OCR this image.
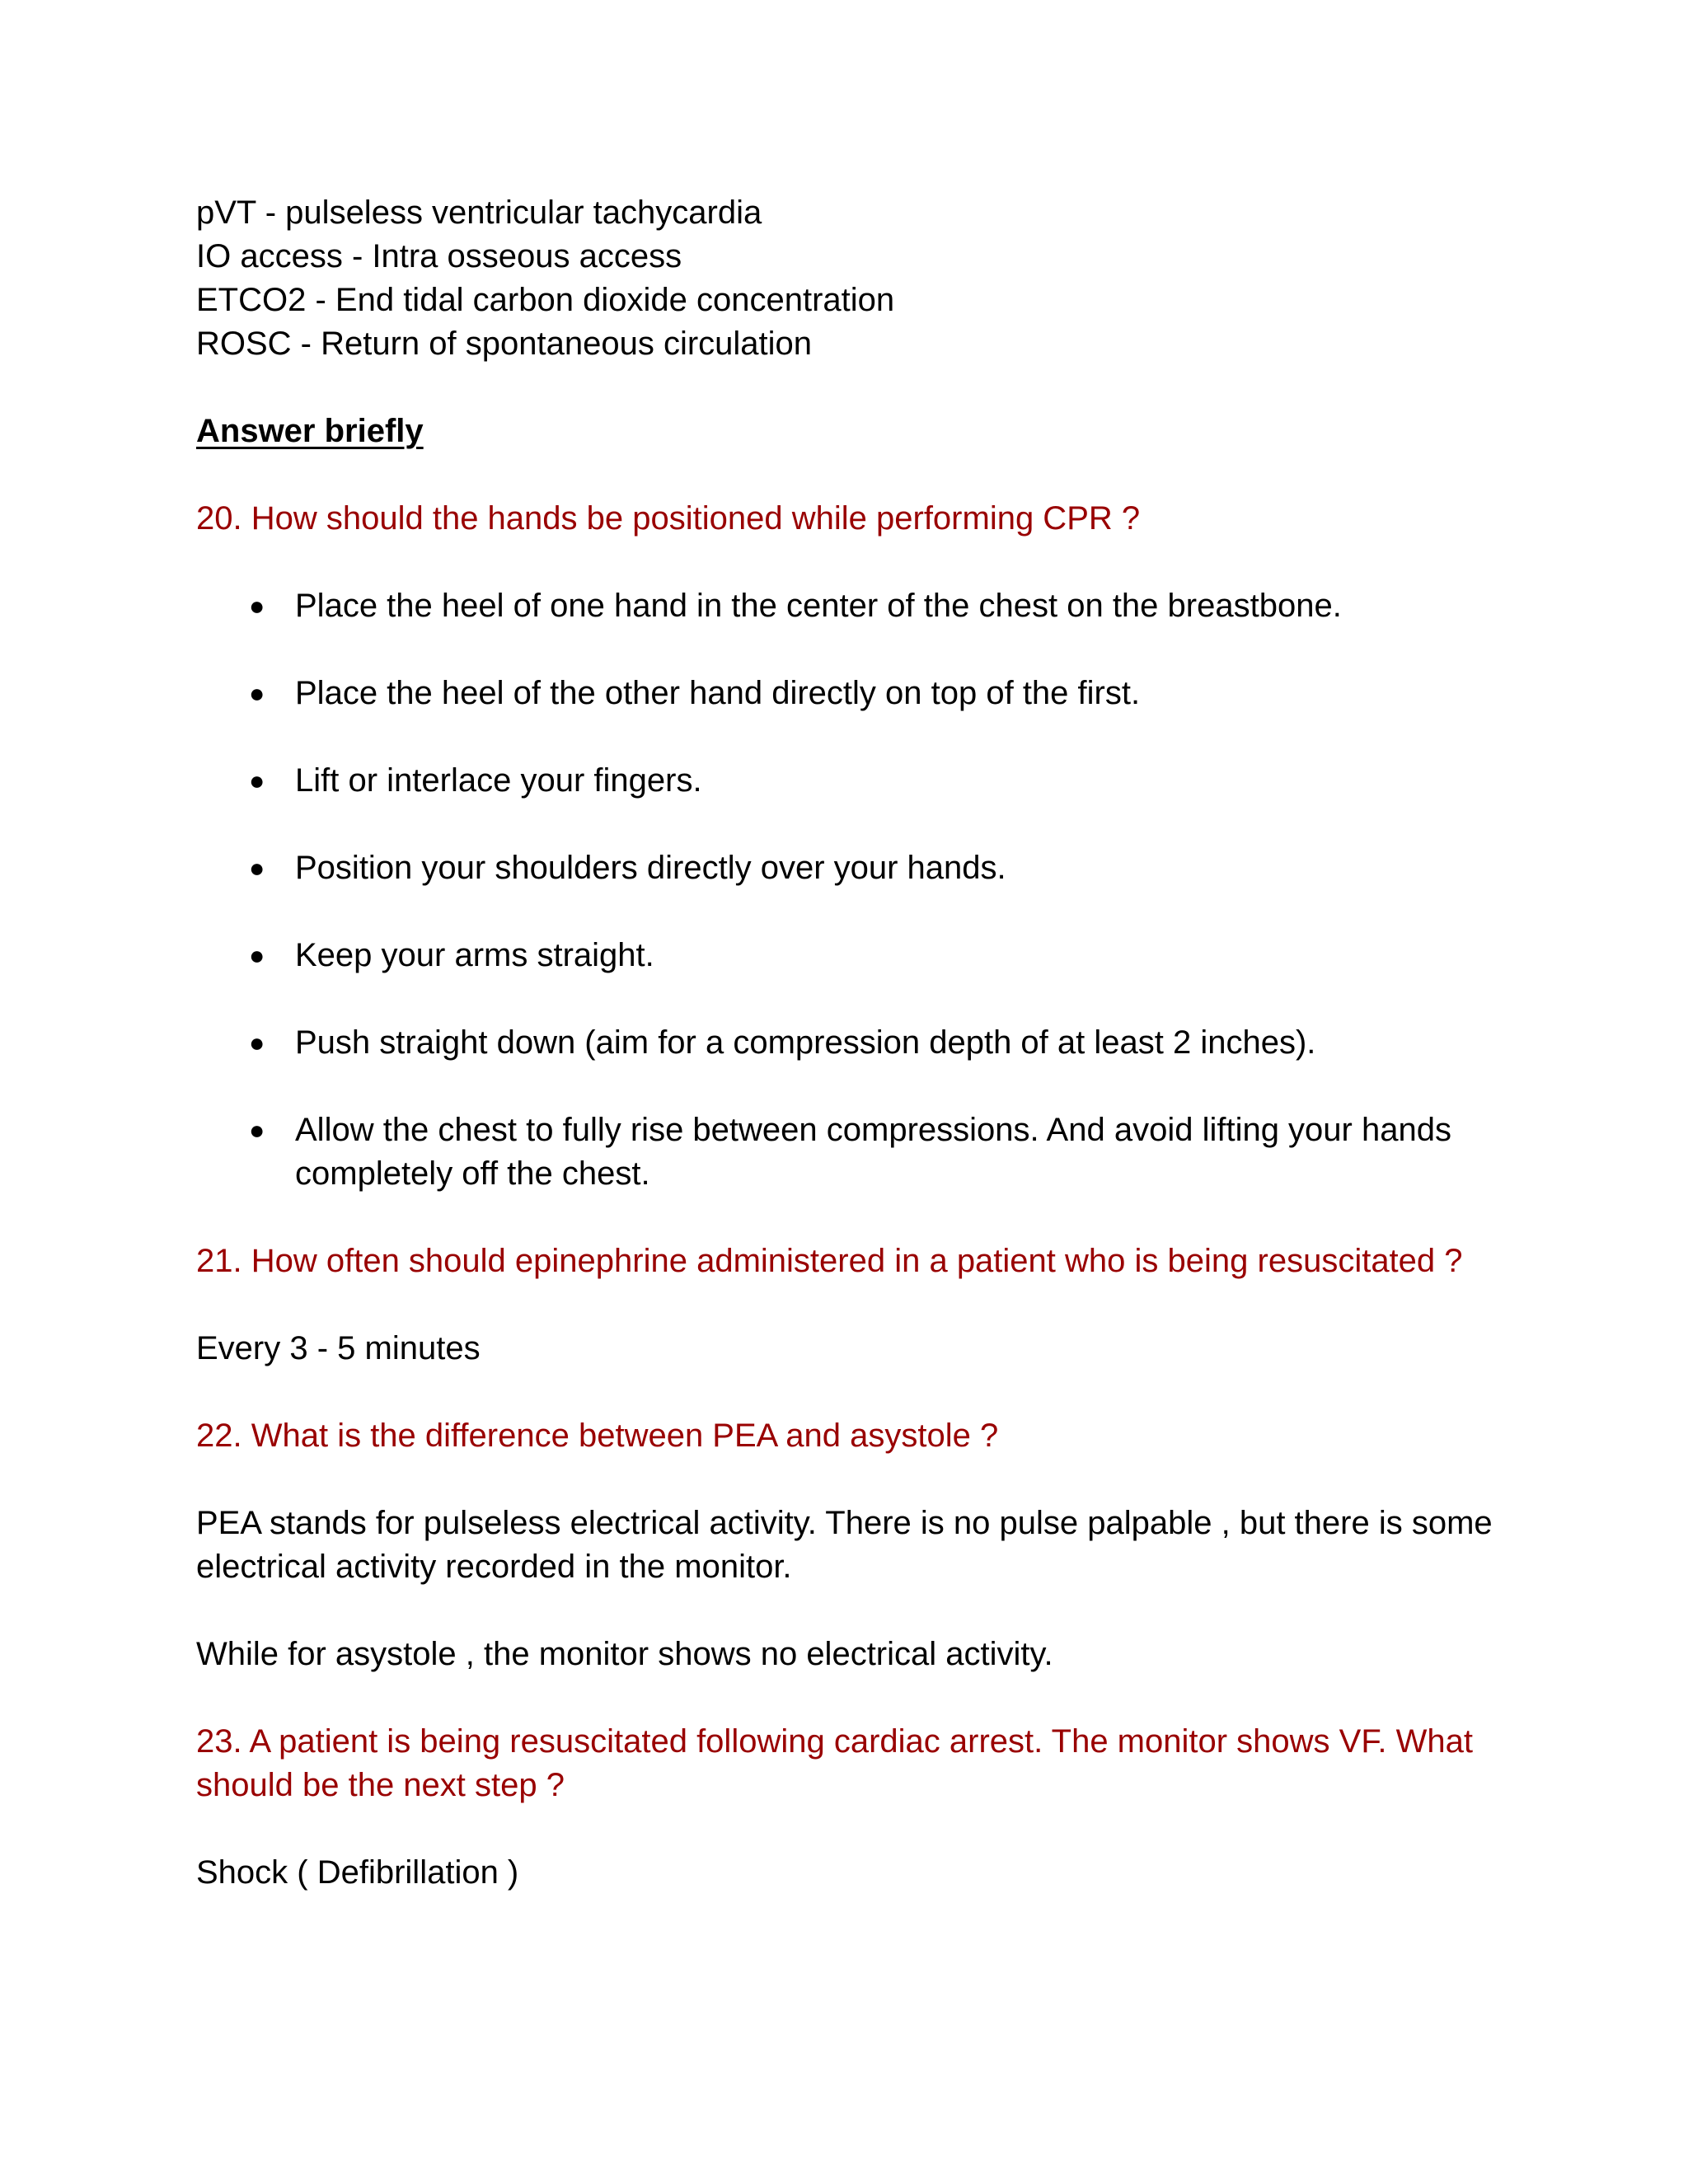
pVT - pulseless ventricular tachycardia

IO access - Intra osseous access

ETCO2 - End tidal carbon dioxide concentration

ROSC - Return of spontaneous circulation

Answer briefly

20. How should the hands be positioned while performing CPR ?

● Place the heel of one hand in the center of the chest on the breastbone.
● Place the heel of the other hand directly on top of the first.
● Lift or interlace your fingers.
● Position your shoulders directly over your hands.
● Keep your arms straight.
● Push straight down (aim for a compression depth of at least 2 inches).
● Allow the chest to fully rise between compressions. And avoid lifting your hands completely off the chest.

21. How often should epinephrine administered in a patient who is being resuscitated ?

Every 3 - 5 minutes

22. What is the difference between PEA and asystole ?

PEA stands for pulseless electrical activity. There is no pulse palpable , but there is some electrical activity recorded in the monitor.

While for asystole , the monitor shows no electrical activity.

23. A patient is being resuscitated following cardiac arrest. The monitor shows VF. What should be the next step ?

Shock ( Defibrillation )
